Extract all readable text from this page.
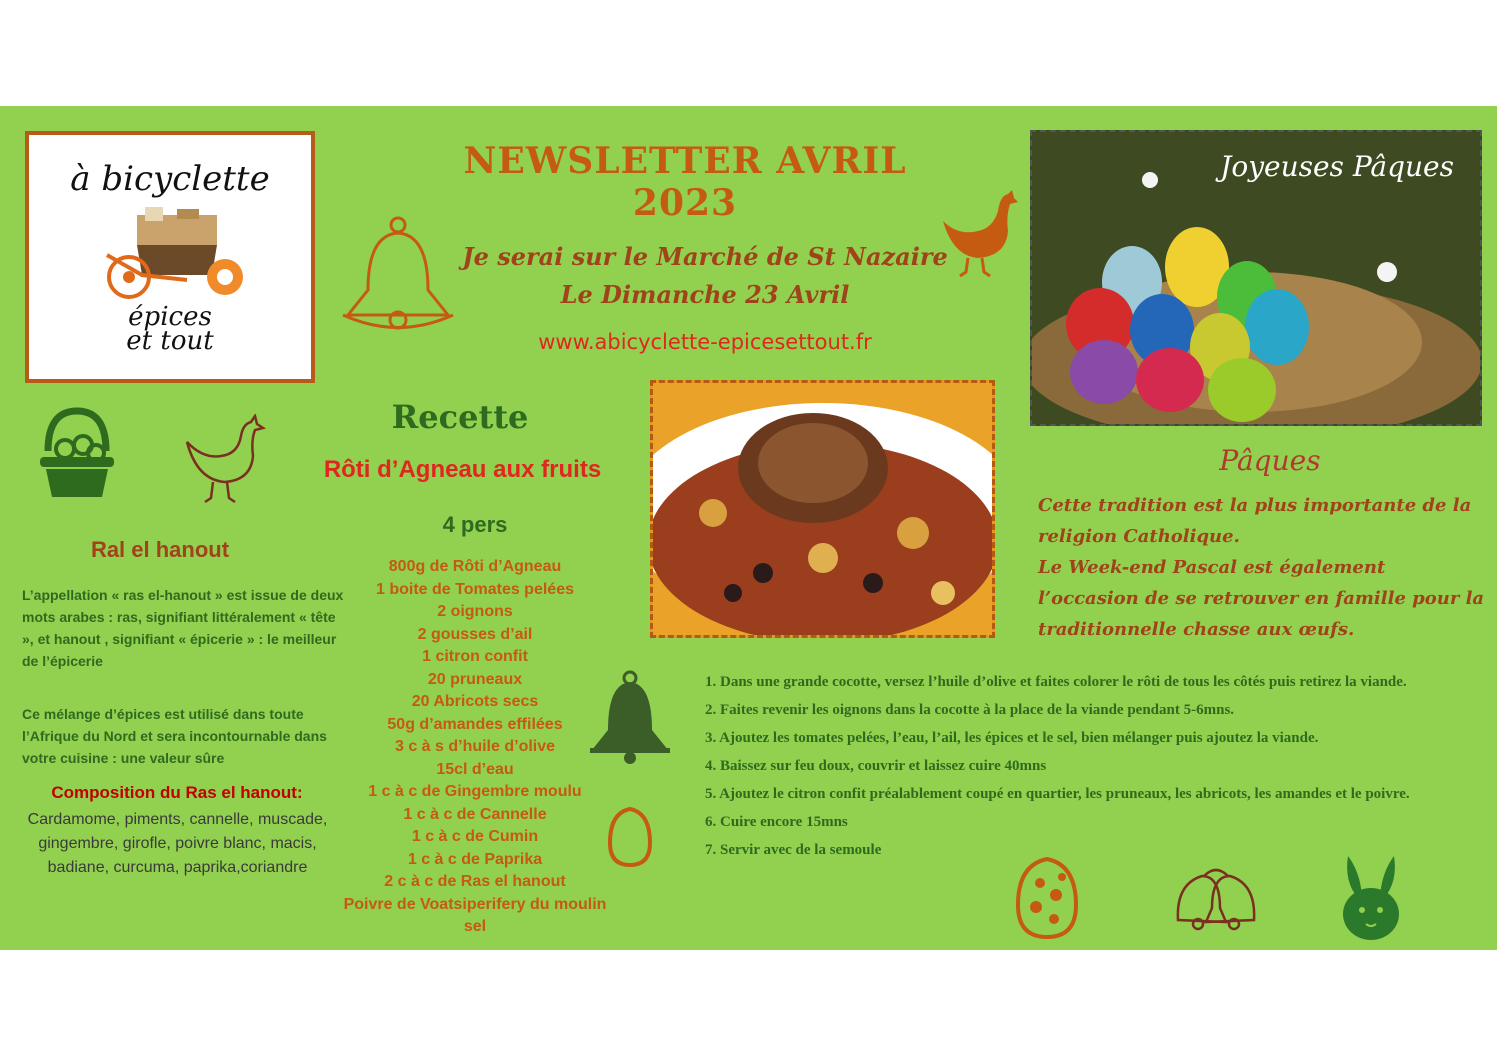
à bicyclette
épices
et tout
NEWSLETTER AVRIL 2023
Je serai sur le Marché de St Nazaire
Le Dimanche 23 Avril
www.abicyclette-epicesettout.fr
Joyeuses Pâques
Recette
Rôti d’Agneau aux fruits
4 pers
800g de Rôti d’Agneau
1 boite de Tomates pelées
2 oignons
2 gousses d’ail
1 citron confit
20 pruneaux
20 Abricots secs
50g d’amandes effilées
3 c à s d’huile d’olive
15cl d’eau
1 c à c de Gingembre moulu
1 c à c de Cannelle
1 c à c de Cumin
1 c à c de Paprika
2 c à c de Ras el hanout
Poivre de Voatsiperifery du moulin
sel
Ral el hanout
L’appellation « ras el-hanout » est issue de deux mots arabes : ras, signifiant littéralement « tête », et hanout , signifiant « épicerie » : le meilleur de l’épicerie
Ce mélange d’épices est utilisé dans toute l’Afrique du Nord et sera incontournable dans votre cuisine : une valeur sûre
Composition du Ras el hanout:
Cardamome, piments, cannelle, muscade, gingembre, girofle, poivre blanc, macis, badiane, curcuma, paprika,coriandre
Pâques
Cette tradition est la plus importante de la religion Catholique.
Le Week-end Pascal est également l’occasion de se retrouver en famille pour la traditionnelle chasse aux œufs.
1. Dans une grande cocotte, versez l’huile d’olive et faites colorer le rôti de tous les côtés puis retirez la viande.
2. Faites revenir les oignons dans la cocotte à la place de la viande pendant 5-6mns.
3. Ajoutez les tomates pelées, l’eau, l’ail, les épices et le sel, bien mélanger puis ajoutez la viande.
4. Baissez sur feu doux, couvrir et laissez cuire 40mns
5. Ajoutez le citron confit préalablement coupé en quartier, les pruneaux, les abricots, les amandes et le poivre.
6. Cuire encore 15mns
7. Servir avec de la semoule
